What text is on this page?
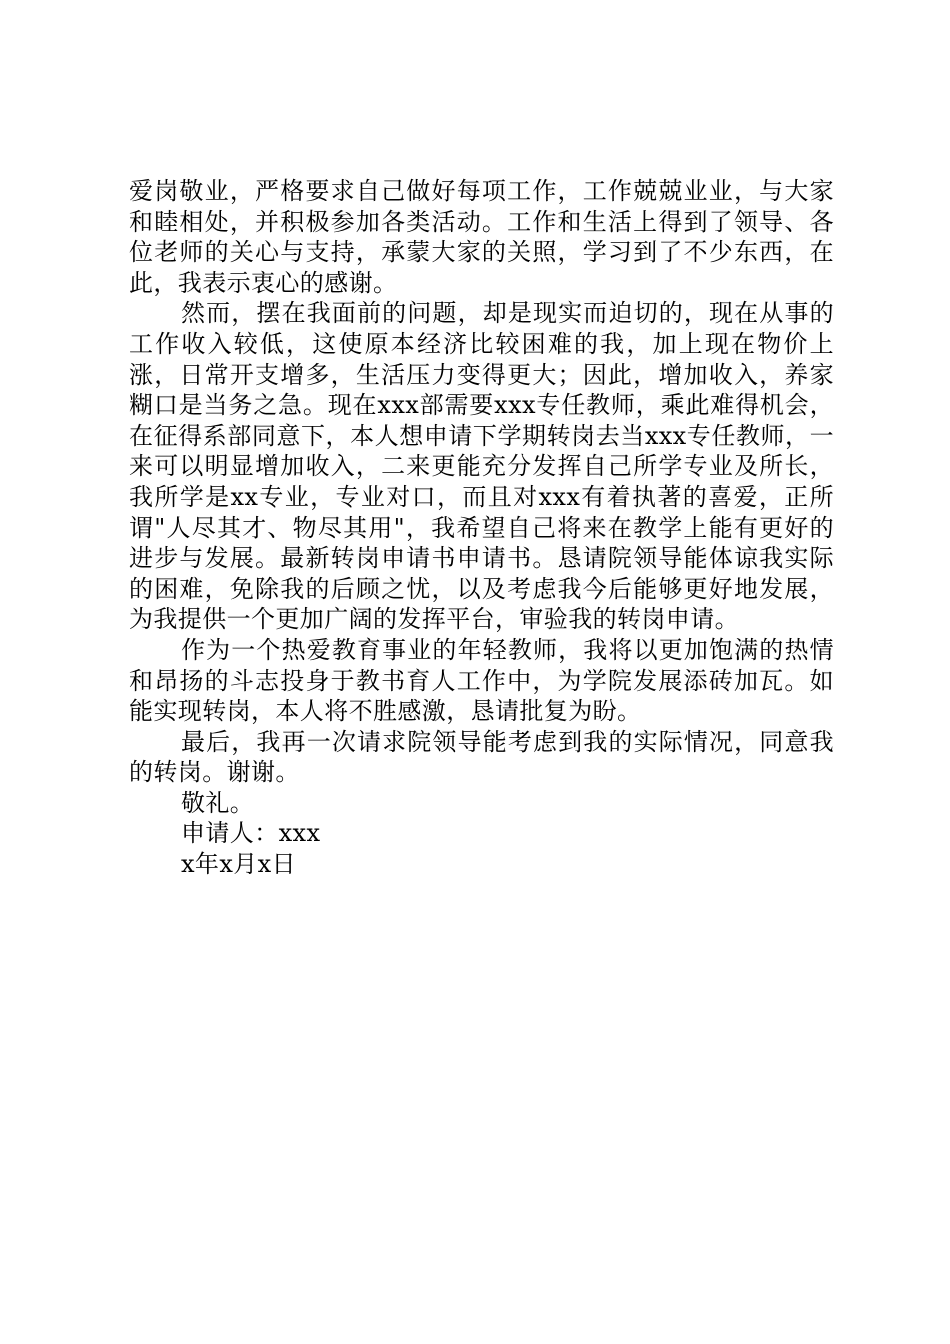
爱岗敬业，严格要求自己做好每项工作，工作兢兢业业，与大家和睦相处，并积极参加各类活动。工作和生活上得到了领导、各位老师的关心与支持，承蒙大家的关照，学习到了不少东西，在此，我表示衷心的感谢。

然而，摆在我面前的问题，却是现实而迫切的，现在从事的工作收入较低，这使原本经济比较困难的我，加上现在物价上涨，日常开支增多，生活压力变得更大；因此，增加收入，养家糊口是当务之急。现在xxx部需要xxx专任教师，乘此难得机会，在征得系部同意下，本人想申请下学期转岗去当xxx专任教师，一来可以明显增加收入，二来更能充分发挥自己所学专业及所长，我所学是xx专业，专业对口，而且对xxx有着执著的喜爱，正所谓"人尽其才、物尽其用"，我希望自己将来在教学上能有更好的进步与发展。最新转岗申请书申请书。恳请院领导能体谅我实际的困难，免除我的后顾之忧，以及考虑我今后能够更好地发展，为我提供一个更加广阔的发挥平台，审验我的转岗申请。

作为一个热爱教育事业的年轻教师，我将以更加饱满的热情和昂扬的斗志投身于教书育人工作中，为学院发展添砖加瓦。如能实现转岗，本人将不胜感激，恳请批复为盼。

最后，我再一次请求院领导能考虑到我的实际情况，同意我的转岗。谢谢。

敬礼。

申请人：xxx

x年x月x日
